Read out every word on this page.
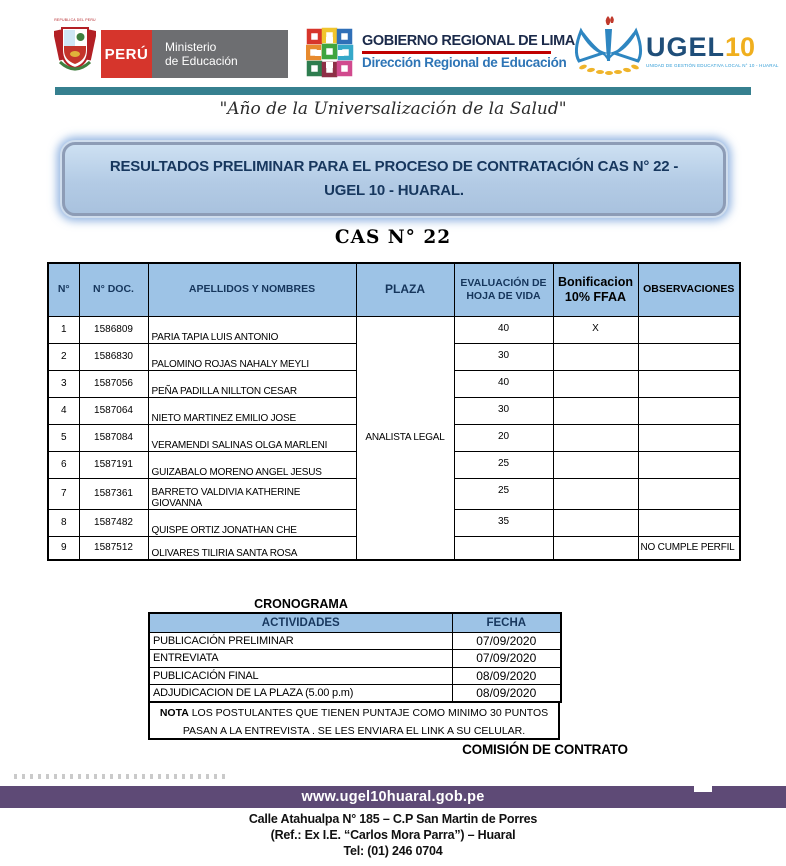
REPUBLICA DEL PERU
PERÚ Ministerio
de Educación
GOBIERNO REGIONAL DE LIMA
Dirección Regional de Educación
UGEL10
UNIDAD DE GESTIÓN EDUCATIVA LOCAL N° 10 - HUARAL
"Año de la Universalización de la Salud"
RESULTADOS PRELIMINAR PARA EL PROCESO DE CONTRATACIÓN CAS N° 22 -
UGEL 10 - HUARAL.
CAS N° 22
N°	N° DOC.	APELLIDOS Y NOMBRES	PLAZA	EVALUACIÓN DE HOJA DE VIDA	Bonificacion 10% FFAA	OBSERVACIONES
1	1586809	PARIA TAPIA LUIS ANTONIO	ANALISTA LEGAL	40	X	
2	1586830	PALOMINO ROJAS NAHALY MEYLI		30		
3	1587056	PEÑA PADILLA NILLTON CESAR		40		
4	1587064	NIETO MARTINEZ EMILIO JOSE		30		
5	1587084	VERAMENDI SALINAS OLGA MARLENI		20		
6	1587191	GUIZABALO MORENO ANGEL JESUS		25		
7	1587361	BARRETO VALDIVIA KATHERINE GIOVANNA		25		
8	1587482	QUISPE ORTIZ JONATHAN CHE		35		
9	1587512	OLIVARES TILIRIA SANTA ROSA				NO CUMPLE PERFIL
CRONOGRAMA
ACTIVIDADES	FECHA
PUBLICACIÓN PRELIMINAR	07/09/2020
ENTREVIATA	07/09/2020
PUBLICACIÓN FINAL	08/09/2020
ADJUDICACION DE LA PLAZA (5.00 p.m)	08/09/2020
NOTA LOS POSTULANTES QUE TIENEN PUNTAJE COMO MINIMO 30 PUNTOS
PASAN A LA ENTREVISTA . SE LES ENVIARA EL LINK A SU CELULAR.
COMISIÓN DE CONTRATO
www.ugel10huaral.gob.pe
Calle Atahualpa N° 185 – C.P San Martin de Porres
(Ref.: Ex I.E. “Carlos Mora Parra”) – Huaral
Tel: (01) 246 0704
